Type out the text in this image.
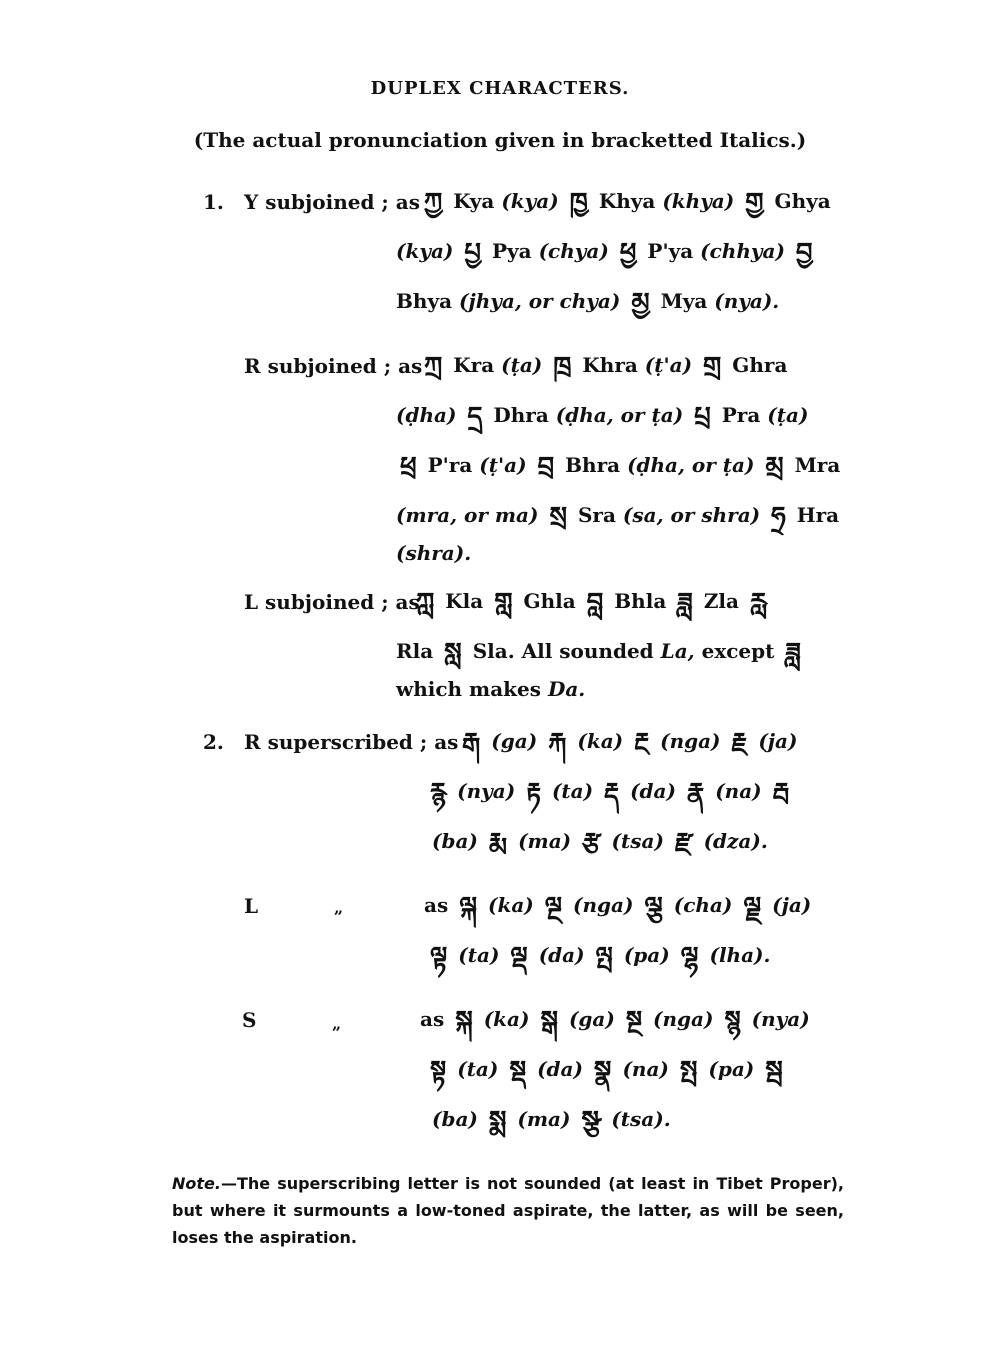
DUPLEX CHARACTERS.
(The actual pronunciation given in bracketted Italics.)
1. Y subjoined ; as ཀྱ Kya (kya) ཁྱ Khya (khya) གྱ Ghya
(kya) པྱ Pya (chya) ཕྱ P'ya (chhya) བྱ
Bhya (jhya, or chya) མྱ Mya (nya).
R subjoined ; as ཀྲ Kra (ṭa) ཁྲ Khra (ṭ'a) གྲ Ghra
(ḍha) དྲ Dhra (ḍha, or ṭa) པྲ Pra (ṭa)
ཕྲ P'ra (ṭ'a) བྲ Bhra (ḍha, or ṭa) མྲ Mra
(mra, or ma) སྲ Sra (sa, or shra) ཧྲ Hra
(shra).
L subjoined ; as
ཀླ Kla གླ Ghla བླ Bhla ཟླ Zla རླ
Rla སླ Sla. All sounded La, except ཟླ
which makes Da.
2. R superscribed ; as རྒ (ga) རྐ (ka) རྔ (nga) རྗ (ja)
རྙ (nya) རྟ (ta) རྡ (da) རྣ (na) རྦ
(ba) རྨ (ma) རྩ (tsa) རྫ (dza).
L	„	as ལྐ (ka) ལྔ (nga) ལྕ (cha) ལྗ (ja)
ལྟ (ta) ལྡ (da) ལྤ (pa) ལྷ (lha).
S	„	as སྐ (ka) སྒ (ga) སྔ (nga) སྙ (nya)
སྟ (ta) སྡ (da) སྣ (na) སྤ (pa) སྦ
(ba) སྨ (ma) སྩ (tsa).
Note.—The superscribing letter is not sounded (at least in Tibet Proper), but where it surmounts a low-toned aspirate, the latter, as will be seen, loses the aspiration.
